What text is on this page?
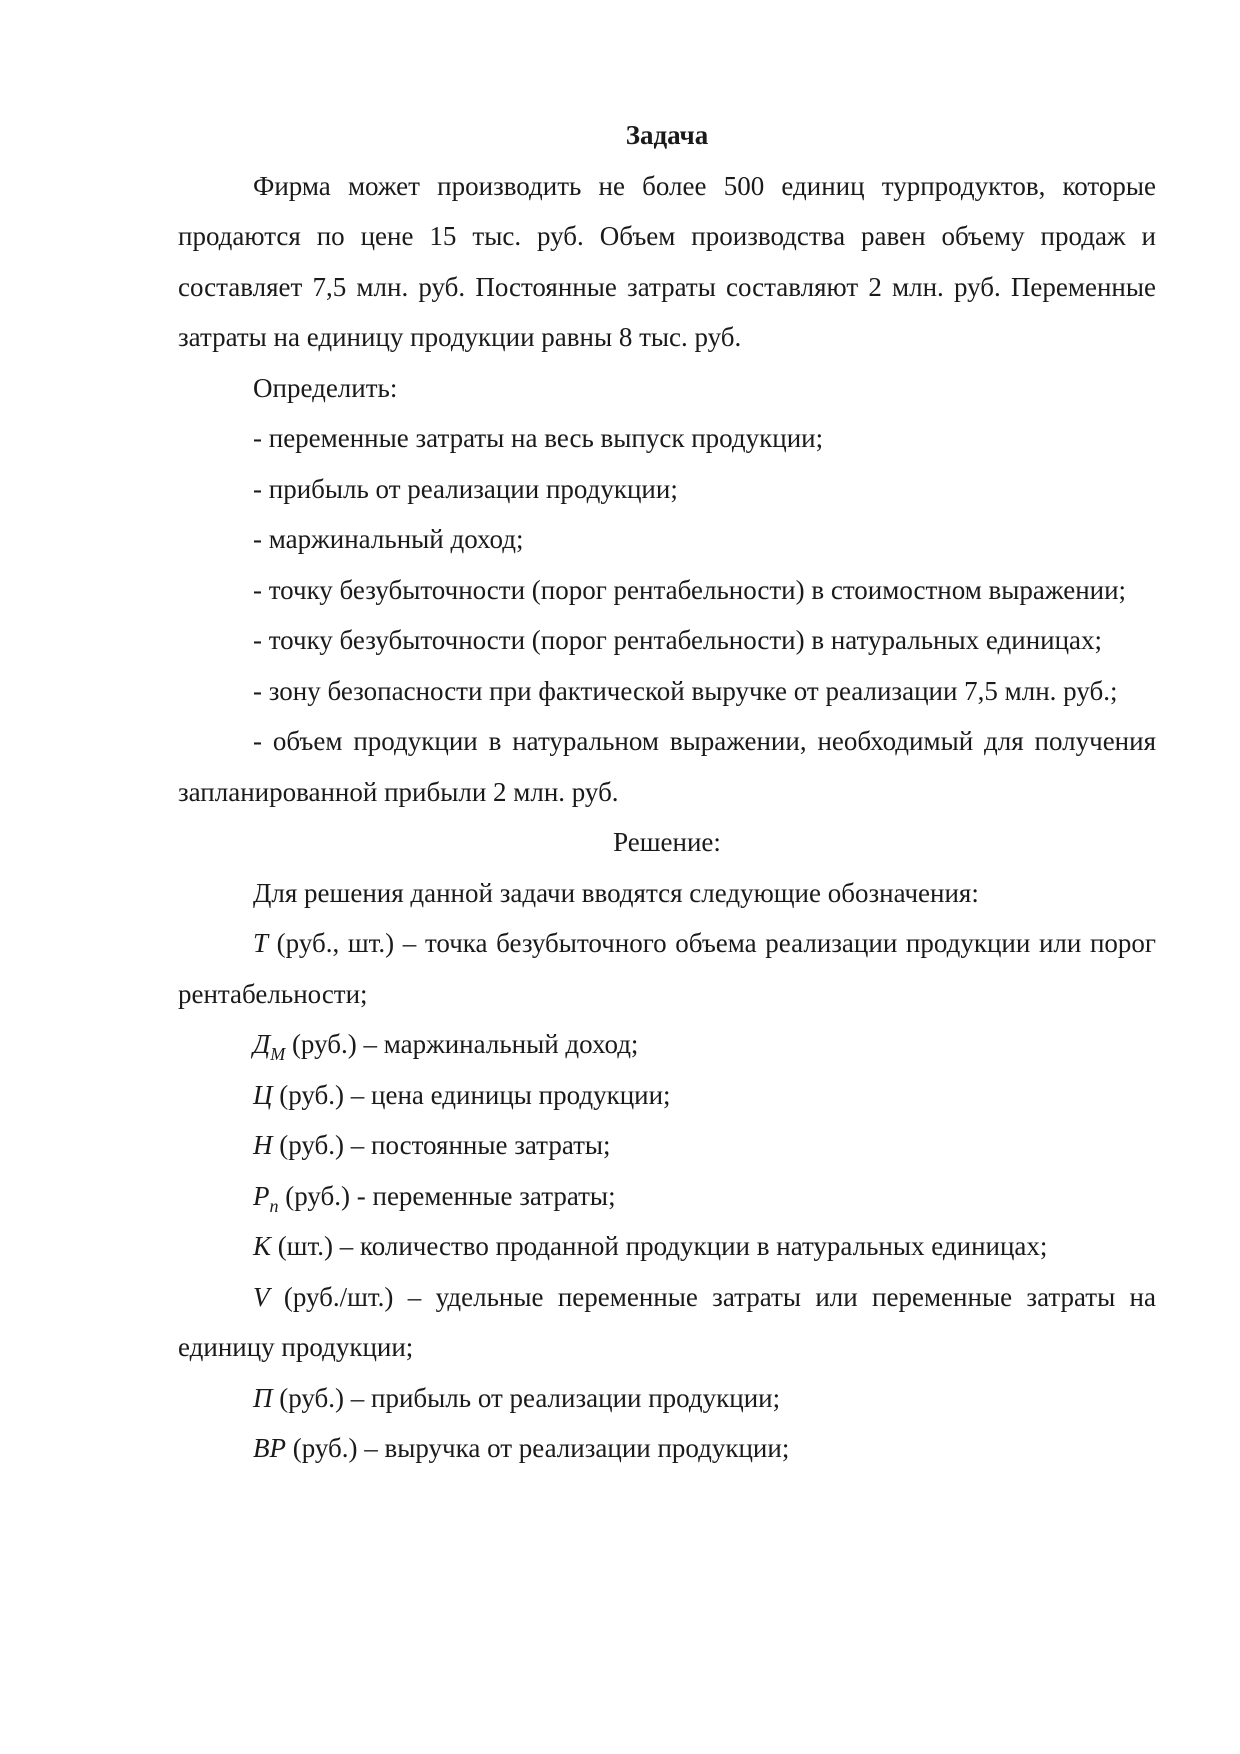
Задача

Фирма может производить не более 500 единиц турпродуктов, которые продаются по цене 15 тыс. руб. Объем производства равен объему продаж и составляет 7,5 млн. руб. Постоянные затраты составляют 2 млн. руб. Переменные затраты на единицу продукции равны 8 тыс. руб.

Определить:

- переменные затраты на весь выпуск продукции;

- прибыль от реализации продукции;

- маржинальный доход;

- точку безубыточности (порог рентабельности) в стоимостном выражении;

- точку безубыточности (порог рентабельности) в натуральных единицах;

- зону безопасности при фактической выручке от реализации 7,5 млн. руб.;

- объем продукции в натуральном выражении, необходимый для получения запланированной прибыли 2 млн. руб.

Решение:

Для решения данной задачи вводятся следующие обозначения:

T (руб., шт.) – точка безубыточного объема реализации продукции или порог рентабельности;

$Д_М$ (руб.) – маржинальный доход;

Ц (руб.) – цена единицы продукции;

Н (руб.) – постоянные затраты;

$P_n$ (руб.) - переменные затраты;

К (шт.) – количество проданной продукции в натуральных единицах;

V (руб./шт.) – удельные переменные затраты или переменные затраты на единицу продукции;

П (руб.) – прибыль от реализации продукции;

ВР (руб.) – выручка от реализации продукции;
